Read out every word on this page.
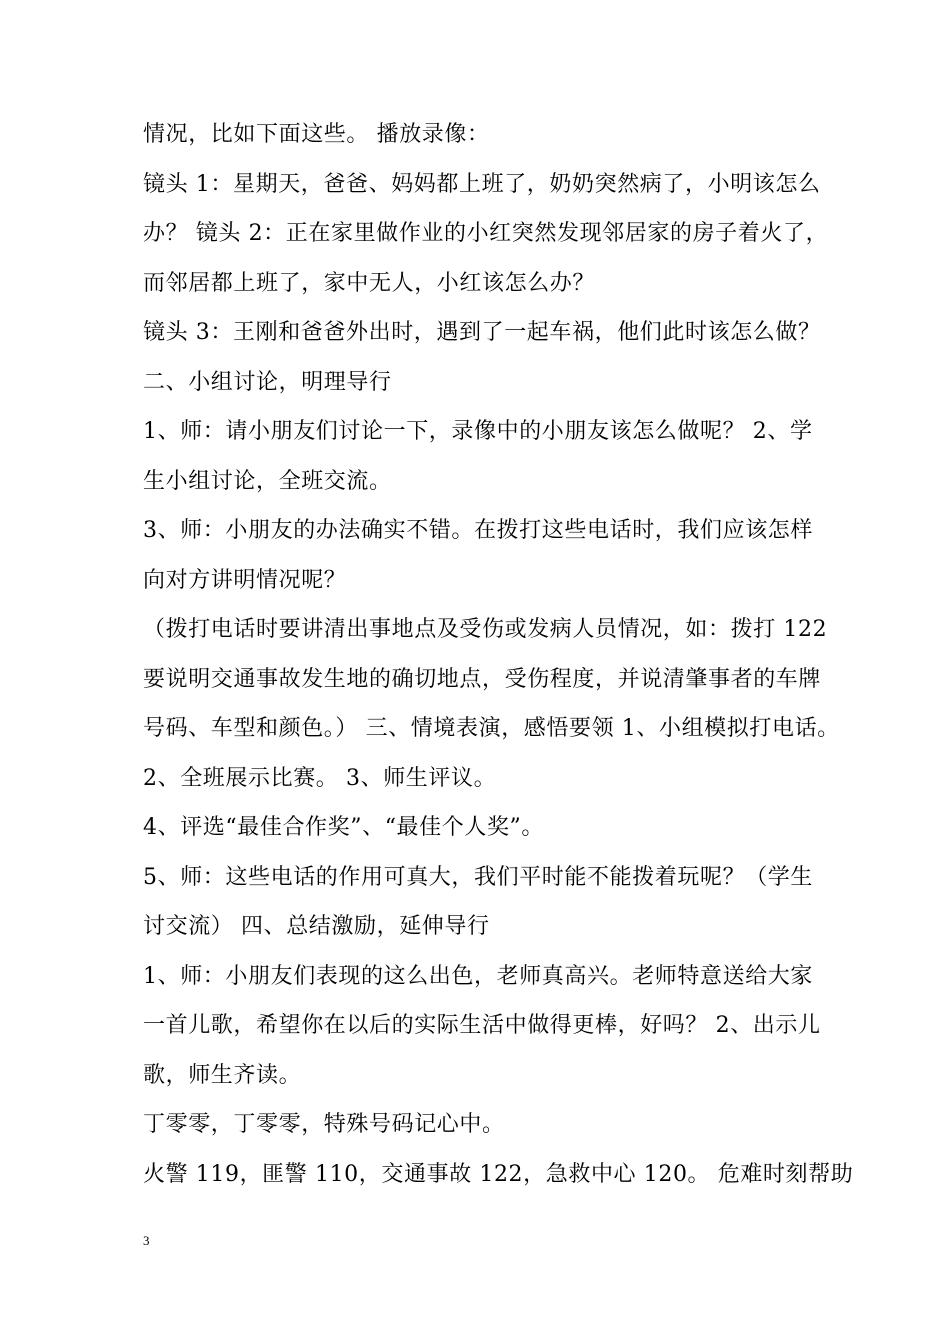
情况，比如下面这些。 播放录像：
镜头 1：星期天，爸爸、妈妈都上班了，奶奶突然病了，小明该怎么
办？ 镜头 2：正在家里做作业的小红突然发现邻居家的房子着火了，
而邻居都上班了，家中无人，小红该怎么办？
镜头 3：王刚和爸爸外出时，遇到了一起车祸，他们此时该怎么做？
二、小组讨论，明理导行
1、师：请小朋友们讨论一下，录像中的小朋友该怎么做呢？ 2、学
生小组讨论，全班交流。
3、师：小朋友的办法确实不错。在拨打这些电话时，我们应该怎样
向对方讲明情况呢？
（拨打电话时要讲清出事地点及受伤或发病人员情况，如：拨打 122
要说明交通事故发生地的确切地点，受伤程度，并说清肇事者的车牌
号码、车型和颜色。） 三、情境表演，感悟要领 1、小组模拟打电话。
2、全班展示比赛。 3、师生评议。
4、评选“最佳合作奖”、“最佳个人奖”。
5、师：这些电话的作用可真大，我们平时能不能拨着玩呢？（学生
讨交流） 四、总结激励，延伸导行
1、师：小朋友们表现的这么出色，老师真高兴。老师特意送给大家
一首儿歌，希望你在以后的实际生活中做得更棒，好吗？ 2、出示儿
歌，师生齐读。
丁零零，丁零零，特殊号码记心中。
火警 119，匪警 110，交通事故 122，急救中心 120。 危难时刻帮助
3
